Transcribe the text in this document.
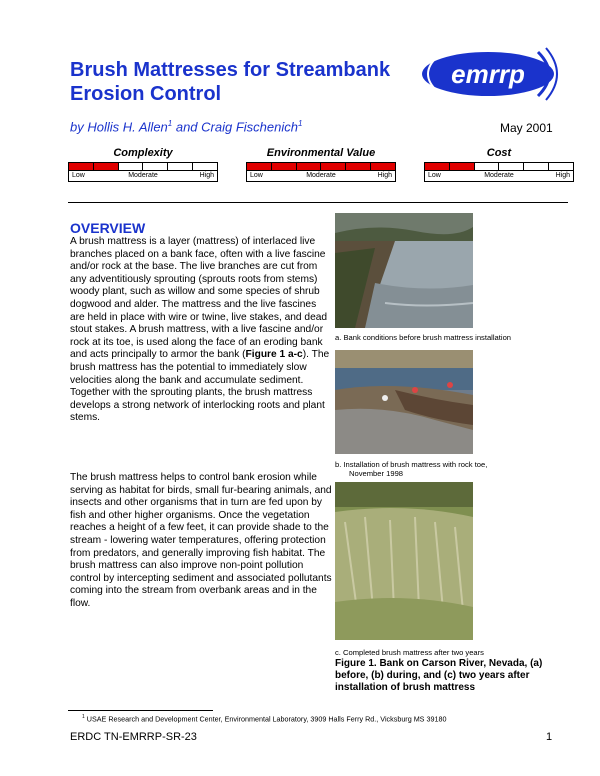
Brush Mattresses for Streambank
Erosion Control
emrrp
by Hollis H. Allen$^1$ and Craig Fischenich$^1$	May 2001
Complexity
Low	Moderate	High
Environmental Value
Low	Moderate	High
Cost
Low	Moderate	High
OVERVIEW
A brush mattress is a layer (mattress) of interlaced live branches placed on a bank face, often with a live fascine and/or rock at the base. The live branches are cut from any adventitiously sprouting (sprouts roots from stems) woody plant, such as willow and some species of shrub dogwood and alder. The mattress and the live fascines are held in place with wire or twine, live stakes, and dead stout stakes. A brush mattress, with a live fascine and/or rock at its toe, is used along the face of an eroding bank and acts principally to armor the bank (Figure 1 a-c). The brush mattress has the potential to immediately slow velocities along the bank and accumulate sediment. Together with the sprouting plants, the brush mattress develops a strong network of interlocking roots and plant stems.
The brush mattress helps to control bank erosion while serving as habitat for birds, small fur-bearing animals, and insects and other organisms that in turn are fed upon by fish and other higher organisms. Once the vegetation reaches a height of a few feet, it can provide shade to the stream - lowering water temperatures, offering protection from predators, and generally improving fish habitat. The brush mattress can also improve non-point pollution control by intercepting sediment and associated pollutants coming into the stream from overbank areas and in the flow.
a. Bank conditions before brush mattress installation
b. Installation of brush mattress with rock toe,
November 1998
c. Completed brush mattress after two years
Figure 1. Bank on Carson River, Nevada, (a) before, (b) during, and (c) two years after installation of brush mattress
$^1$ USAE Research and Development Center, Environmental Laboratory, 3909 Halls Ferry Rd., Vicksburg MS 39180
ERDC TN-EMRRP-SR-23	1
